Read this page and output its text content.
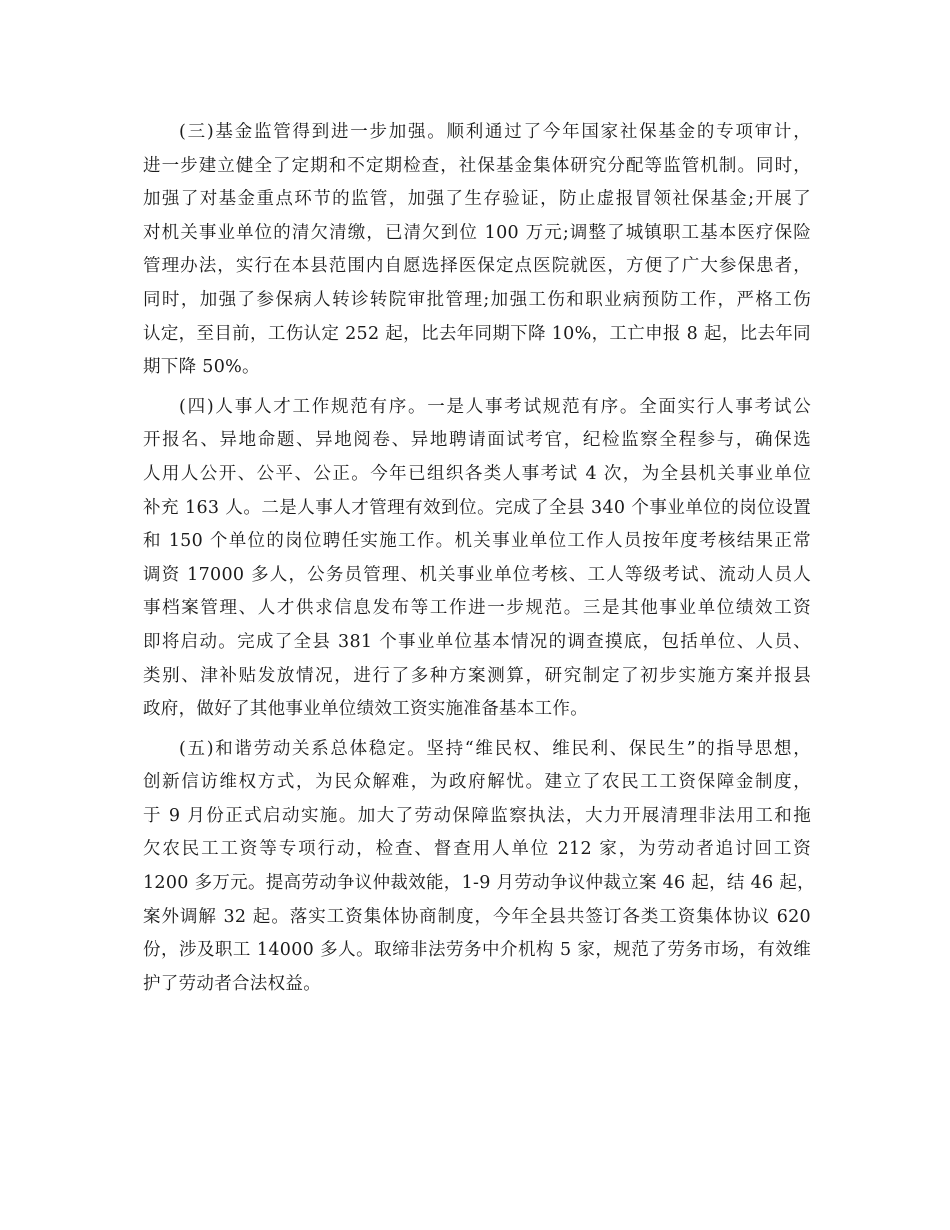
(三)基金监管得到进一步加强。顺利通过了今年国家社保基金的专项审计，
进一步建立健全了定期和不定期检查，社保基金集体研究分配等监管机制。同时，
加强了对基金重点环节的监管，加强了生存验证，防止虚报冒领社保基金;开展了
对机关事业单位的清欠清缴，已清欠到位 100 万元;调整了城镇职工基本医疗保险
管理办法，实行在本县范围内自愿选择医保定点医院就医，方便了广大参保患者，
同时，加强了参保病人转诊转院审批管理;加强工伤和职业病预防工作，严格工伤
认定，至目前，工伤认定 252 起，比去年同期下降 10%，工亡申报 8 起，比去年同
期下降 50%。
(四)人事人才工作规范有序。一是人事考试规范有序。全面实行人事考试公
开报名、异地命题、异地阅卷、异地聘请面试考官，纪检监察全程参与，确保选
人用人公开、公平、公正。今年已组织各类人事考试 4 次，为全县机关事业单位
补充 163 人。二是人事人才管理有效到位。完成了全县 340 个事业单位的岗位设置
和 150 个单位的岗位聘任实施工作。机关事业单位工作人员按年度考核结果正常
调资 17000 多人，公务员管理、机关事业单位考核、工人等级考试、流动人员人
事档案管理、人才供求信息发布等工作进一步规范。三是其他事业单位绩效工资
即将启动。完成了全县 381 个事业单位基本情况的调查摸底，包括单位、人员、
类别、津补贴发放情况，进行了多种方案测算，研究制定了初步实施方案并报县
政府，做好了其他事业单位绩效工资实施准备基本工作。
(五)和谐劳动关系总体稳定。坚持“维民权、维民利、保民生”的指导思想，
创新信访维权方式，为民众解难，为政府解忧。建立了农民工工资保障金制度，
于 9 月份正式启动实施。加大了劳动保障监察执法，大力开展清理非法用工和拖
欠农民工工资等专项行动，检查、督查用人单位 212 家，为劳动者追讨回工资
1200 多万元。提高劳动争议仲裁效能，1-9 月劳动争议仲裁立案 46 起，结 46 起，
案外调解 32 起。落实工资集体协商制度，今年全县共签订各类工资集体协议 620
份，涉及职工 14000 多人。取缔非法劳务中介机构 5 家，规范了劳务市场，有效维
护了劳动者合法权益。
